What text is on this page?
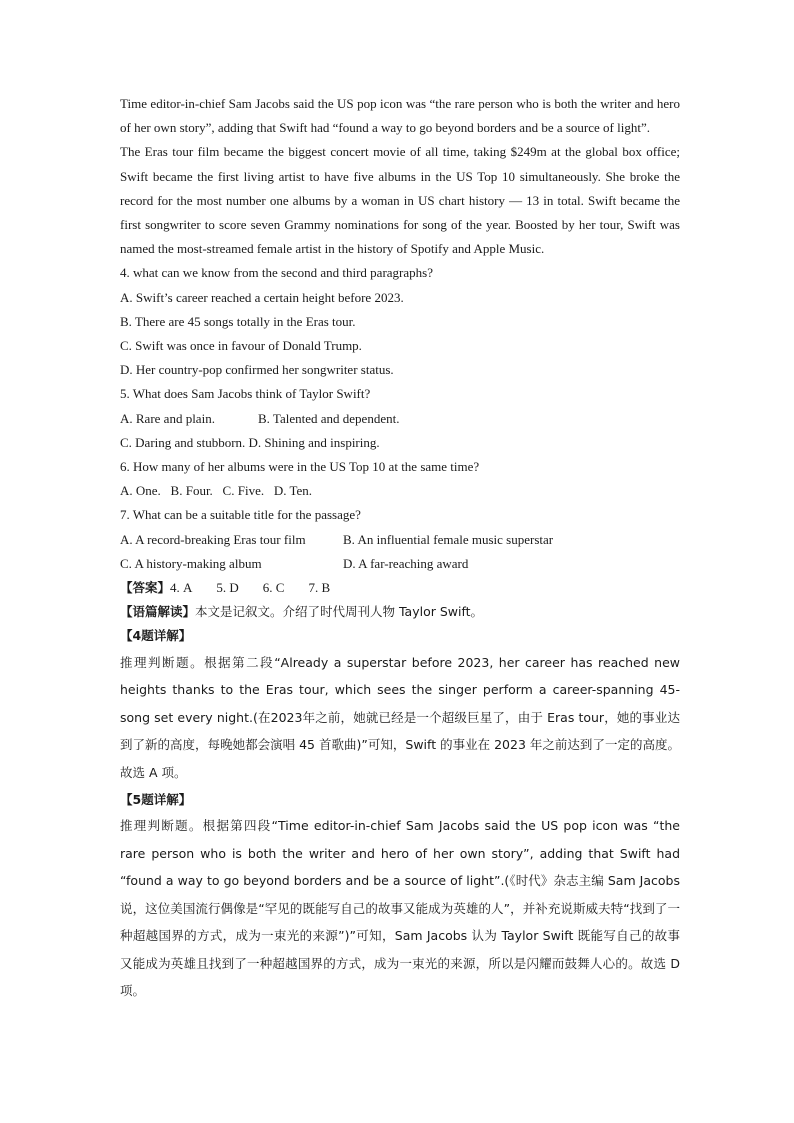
Time editor-in-chief Sam Jacobs said the US pop icon was “the rare person who is both the writer and hero of her own story”, adding that Swift had “found a way to go beyond borders and be a source of light”.

The Eras tour film became the biggest concert movie of all time, taking $249m at the global box office; Swift became the first living artist to have five albums in the US Top 10 simultaneously. She broke the record for the most number one albums by a woman in US chart history — 13 in total. Swift became the first songwriter to score seven Grammy nominations for song of the year. Boosted by her tour, Swift was named the most-streamed female artist in the history of Spotify and Apple Music.

4. what can we know from the second and third paragraphs?

A. Swift’s career reached a certain height before 2023.

B. There are 45 songs totally in the Eras tour.

C. Swift was once in favour of Donald Trump.

D. Her country-pop confirmed her songwriter status.

5. What does Sam Jacobs think of Taylor Swift?

A. Rare and plain.	B. Talented and dependent.

C. Daring and stubborn. D. Shining and inspiring.

6. How many of her albums were in the US Top 10 at the same time?

A. One.   B. Four.   C. Five.   D. Ten.

7. What can be a suitable title for the passage?

A. A record-breaking Eras tour film	B. An influential female music superstar
C. A history-making album	D. A far-reaching award

【答案】4. A 5. D 6. C 7. B

【语篇解读】本文是记叙文。介绍了时代周刊人物 Taylor Swift。

【4题详解】

推理判断题。根据第二段“Already a superstar before 2023, her career has reached new heights thanks to the Eras tour, which sees the singer perform a career-spanning 45-song set every night.(在2023年之前，她就已经是一个超级巨星了，由于 Eras tour，她的事业达到了新的高度，每晚她都会演唱 45 首歌曲)”可知，Swift 的事业在 2023 年之前达到了一定的高度。故选 A 项。

【5题详解】

推理判断题。根据第四段“Time editor-in-chief Sam Jacobs said the US pop icon was “the rare person who is both the writer and hero of her own story”, adding that Swift had “found a way to go beyond borders and be a source of light”.(《时代》杂志主编 Sam Jacobs 说，这位美国流行偶像是“罕见的既能写自己的故事又能成为英雄的人”，并补充说斯威夫特“找到了一种超越国界的方式，成为一束光的来源”)”可知，Sam Jacobs 认为 Taylor Swift 既能写自己的故事又能成为英雄且找到了一种超越国界的方式，成为一束光的来源，所以是闪耀而鼓舞人心的。故选 D 项。
